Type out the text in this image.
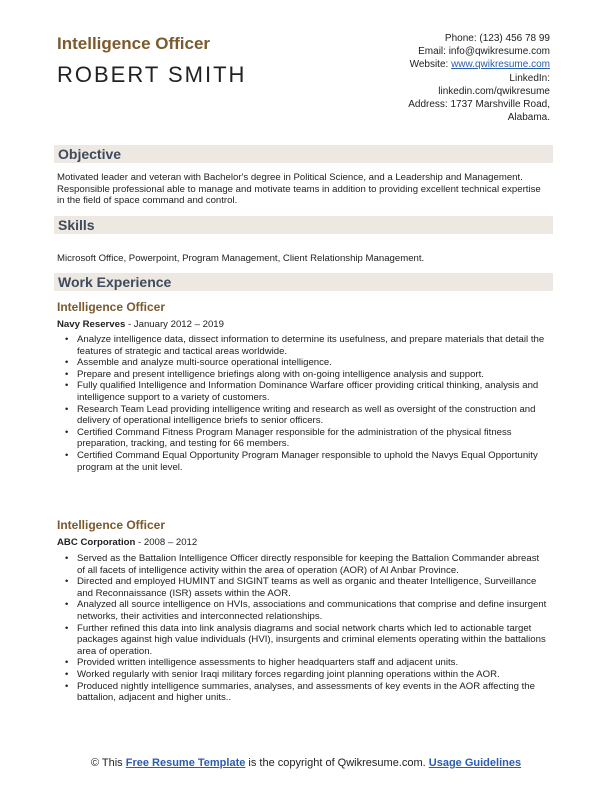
Intelligence Officer
ROBERT SMITH
Phone: (123) 456 78 99
Email: info@qwikresume.com
Website: www.qwikresume.com
LinkedIn:
linkedin.com/qwikresume
Address: 1737 Marshville Road,
Alabama.
Objective
Motivated leader and veteran with Bachelor's degree in Political Science, and a Leadership and Management. Responsible professional able to manage and motivate teams in addition to providing excellent technical expertise in the field of space command and control.
Skills
Microsoft Office, Powerpoint, Program Management, Client Relationship Management.
Work Experience
Intelligence Officer
Navy Reserves - January 2012 – 2019
• Analyze intelligence data, dissect information to determine its usefulness, and prepare materials that detail the features of strategic and tactical areas worldwide.
• Assemble and analyze multi-source operational intelligence.
• Prepare and present intelligence briefings along with on-going intelligence analysis and support.
• Fully qualified Intelligence and Information Dominance Warfare officer providing critical thinking, analysis and intelligence support to a variety of customers.
• Research Team Lead providing intelligence writing and research as well as oversight of the construction and delivery of operational intelligence briefs to senior officers.
• Certified Command Fitness Program Manager responsible for the administration of the physical fitness preparation, tracking, and testing for 66 members.
• Certified Command Equal Opportunity Program Manager responsible to uphold the Navys Equal Opportunity program at the unit level.
Intelligence Officer
ABC Corporation - 2008 – 2012
• Served as the Battalion Intelligence Officer directly responsible for keeping the Battalion Commander abreast of all facets of intelligence activity within the area of operation (AOR) of Al Anbar Province.
• Directed and employed HUMINT and SIGINT teams as well as organic and theater Intelligence, Surveillance and Reconnaissance (ISR) assets within the AOR.
• Analyzed all source intelligence on HVIs, associations and communications that comprise and define insurgent networks, their activities and interconnected relationships.
• Further refined this data into link analysis diagrams and social network charts which led to actionable target packages against high value individuals (HVI), insurgents and criminal elements operating within the battalions area of operation.
• Provided written intelligence assessments to higher headquarters staff and adjacent units.
• Worked regularly with senior Iraqi military forces regarding joint planning operations within the AOR.
• Produced nightly intelligence summaries, analyses, and assessments of key events in the AOR affecting the battalion, adjacent and higher units..
© This Free Resume Template is the copyright of Qwikresume.com. Usage Guidelines
